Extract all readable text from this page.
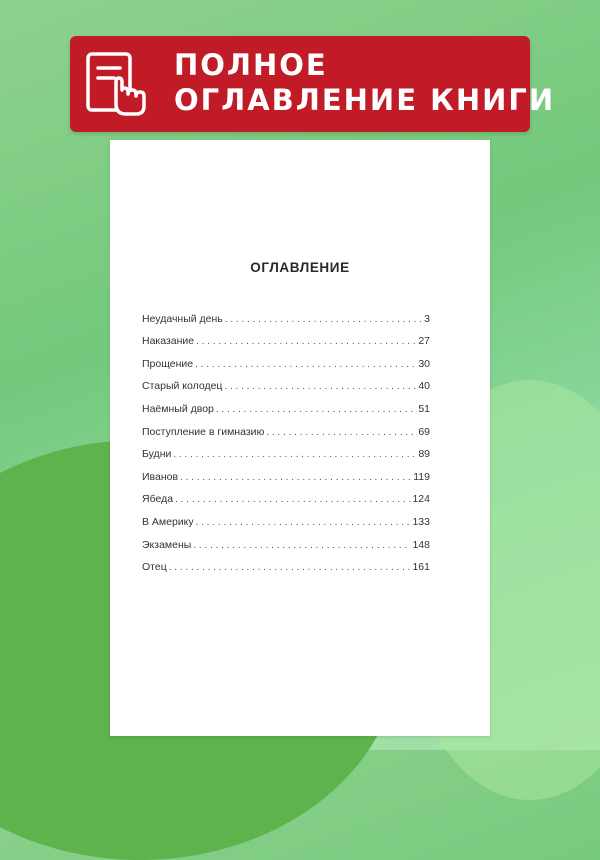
ПОЛНОЕ
ОГЛАВЛЕНИЕ КНИГИ
ОГЛАВЛЕНИЕ
Неудачный день . . .	3
Наказание . . .	27
Прощение . . .	30
Старый колодец . . .	40
Наёмный двор . . .	51
Поступление в гимназию . . .	69
Будни . . .	89
Иванов . . .	119
Ябеда . . .	124
В Америку . . .	133
Экзамены . . .	148
Отец . . .	161
